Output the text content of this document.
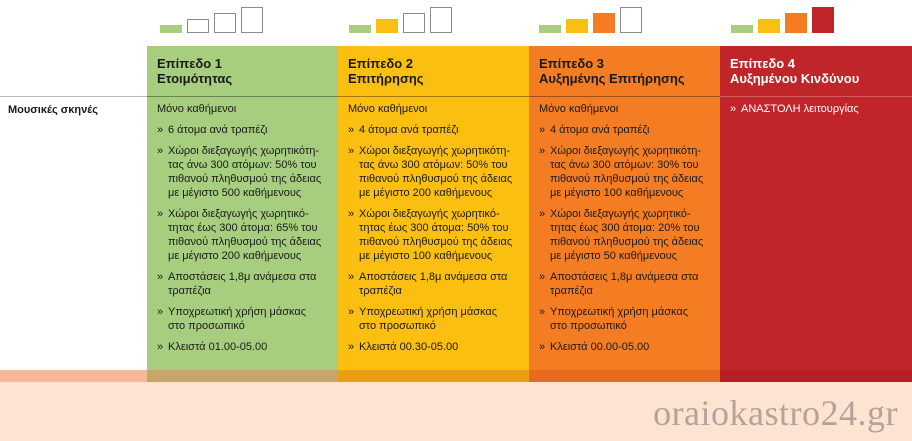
Μουσικές σκηνές
Επίπεδο 1
Ετοιμότητας
Μόνο καθήμενοι
» 6 άτομα ανά τραπέζι
» Χώροι διεξαγωγής χωρητικότη-
τας άνω 300 ατόμων: 50% του
πιθανού πληθυσμού της άδειας
με μέγιστο 500 καθήμενους
» Χώροι διεξαγωγής χωρητικό-
τητας έως 300 άτομα: 65% του
πιθανού πληθυσμού της άδειας
με μέγιστο 200 καθήμενους
» Αποστάσεις 1,8μ ανάμεσα στα
τραπέζια
» Υποχρεωτική χρήση μάσκας
στο προσωπικό
» Κλειστά 01.00-05.00
Επίπεδο 2
Επιτήρησης
Μόνο καθήμενοι
» 4 άτομα ανά τραπέζι
» Χώροι διεξαγωγής χωρητικότη-
τας άνω 300 ατόμων: 50% του
πιθανού πληθυσμού της άδειας
με μέγιστο 200 καθήμενους
» Χώροι διεξαγωγής χωρητικό-
τητας έως 300 άτομα: 50% του
πιθανού πληθυσμού της άδειας
με μέγιστο 100 καθήμενους
» Αποστάσεις 1,8μ ανάμεσα στα
τραπέζια
» Υποχρεωτική χρήση μάσκας
στο προσωπικό
» Κλειστά 00.30-05.00
Επίπεδο 3
Αυξημένης Επιτήρησης
Μόνο καθήμενοι
» 4 άτομα ανά τραπέζι
» Χώροι διεξαγωγής χωρητικότη-
τας άνω 300 ατόμων: 30% του
πιθανού πληθυσμού της άδειας
με μέγιστο 100 καθήμενους
» Χώροι διεξαγωγής χωρητικό-
τητας έως 300 άτομα: 20% του
πιθανού πληθυσμού της άδειας
με μέγιστο 50 καθήμενους
» Αποστάσεις 1,8μ ανάμεσα στα
τραπέζια
» Υποχρεωτική χρήση μάσκας
στο προσωπικό
» Κλειστά 00.00-05.00
Επίπεδο 4
Αυξημένου Κινδύνου
» ΑΝΑΣΤΟΛΗ λειτουργίας
oraiokastro24.gr
